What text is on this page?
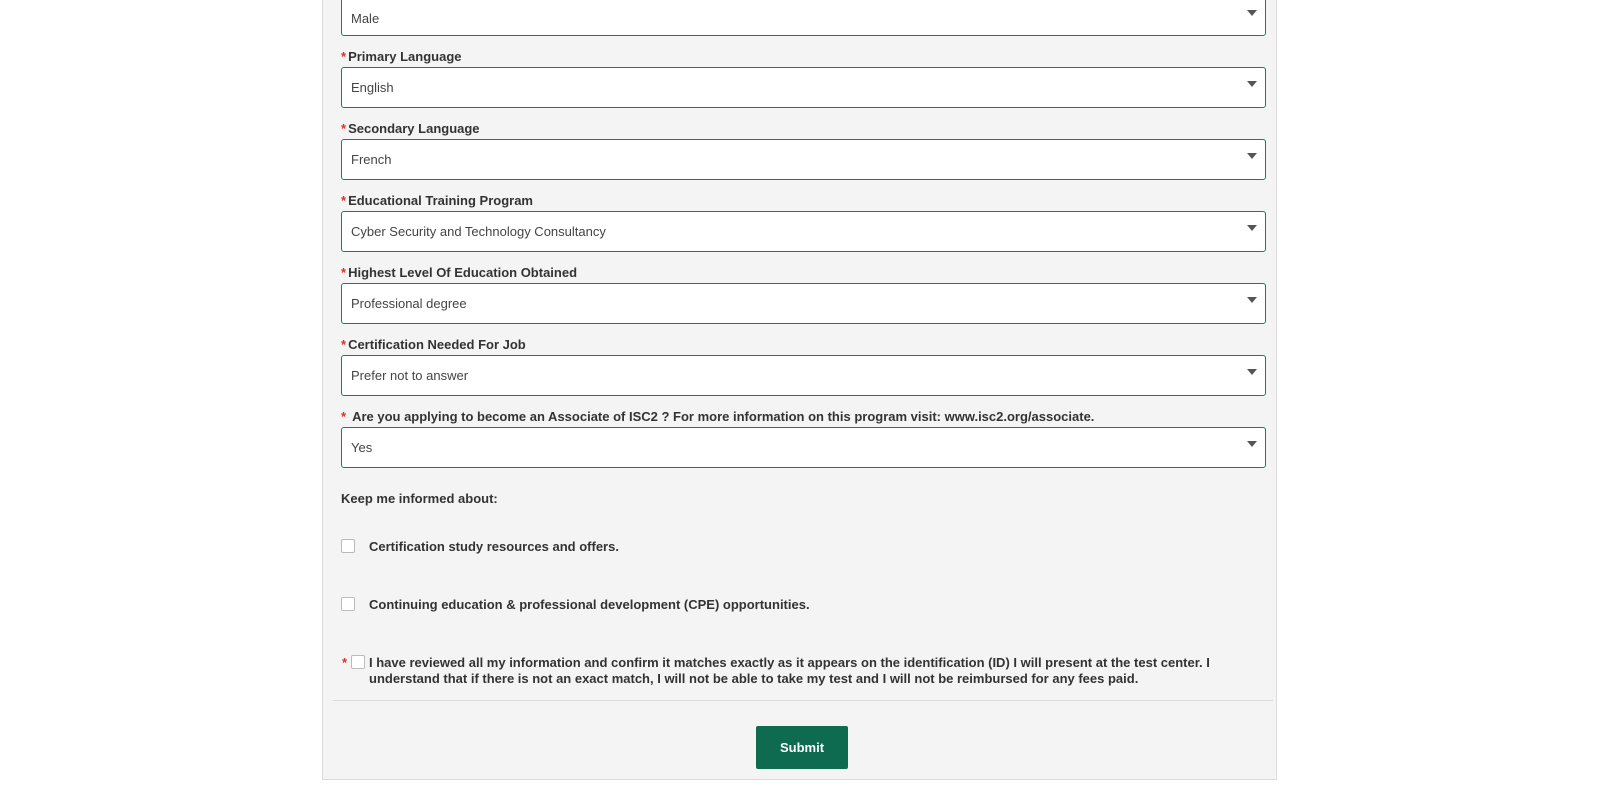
Male
* Primary Language
English
* Secondary Language
French
* Educational Training Program
Cyber Security and Technology Consultancy
* Highest Level Of Education Obtained
Professional degree
* Certification Needed For Job
Prefer not to answer
* Are you applying to become an Associate of ISC2 ? For more information on this program visit: www.isc2.org/associate.
Yes
Keep me informed about:
Certification study resources and offers.
Continuing education & professional development (CPE) opportunities.
* I have reviewed all my information and confirm it matches exactly as it appears on the identification (ID) I will present at the test center. I understand that if there is not an exact match, I will not be able to take my test and I will not be reimbursed for any fees paid.
Submit
